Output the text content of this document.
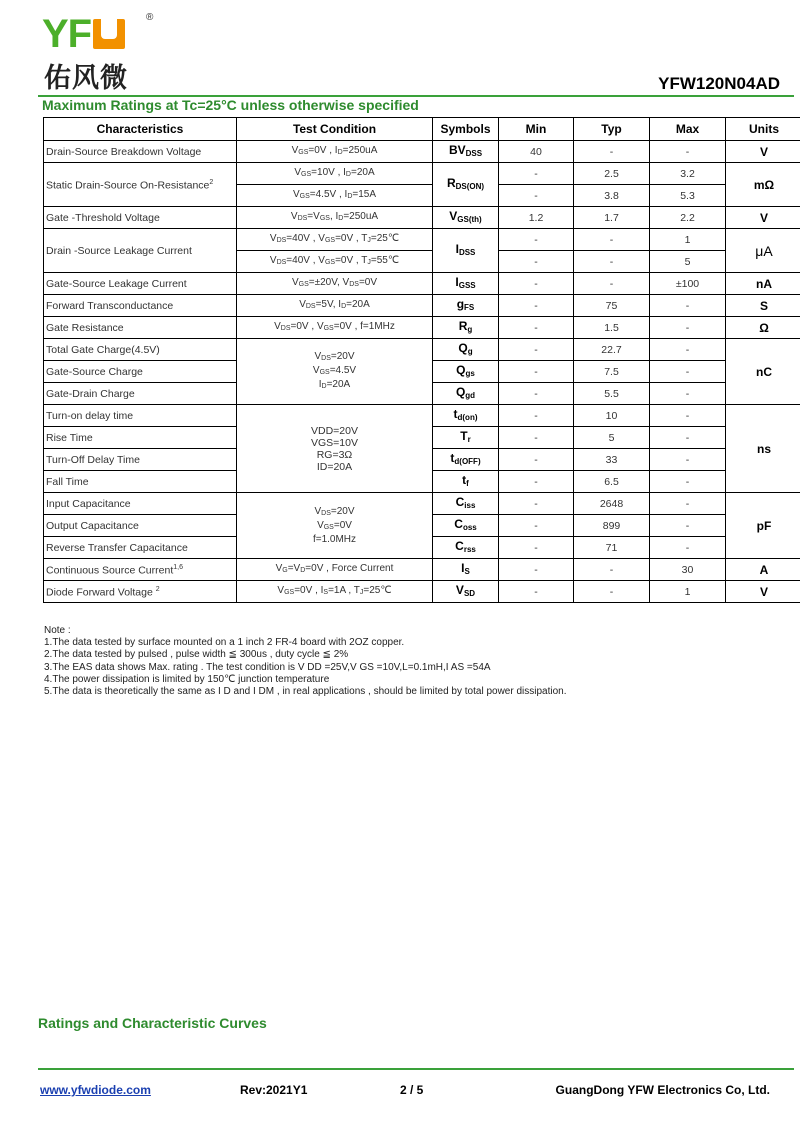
YF	®
佑风微	YFW120N04AD
Maximum Ratings at Tc=25°C unless otherwise specified
Characteristics	Test Condition	Symbols	Min	Typ	Max	Units
Drain-Source Breakdown Voltage	$V_{GS}=0V$ , $I_D=250uA$	$BV_{DSS}$	40	-	-	V
Static Drain-Source On-Resistance$^2$	$V_{GS}=10V$ , $I_D=20A$	$R_{DS(ON)}$	-	2.5	3.2	mΩ
	$V_{GS}=4.5V$ , $I_D=15A$		-	3.8	5.3	
Gate -Threshold Voltage	$V_{DS}=V_{GS}$, $I_D=250uA$	$V_{GS(th)}$	1.2	1.7	2.2	V
Drain -Source Leakage Current	$V_{DS}=40V$ , $V_{GS}=0V$ , $T_J=25℃$	$I_{DSS}$	-	-	1	μA
	$V_{DS}=40V$ , $V_{GS}=0V$ , $T_J=55℃$		-	-	5	
Gate-Source Leakage Current	$V_{GS}=\pm 20V$, $V_{DS}=0V$	$I_{GSS}$	-	-	±100	nA
Forward Transconductance	$V_{DS}=5V$, $I_D=20A$	$g_{FS}$	-	75	-	S
Gate Resistance	$V_{DS}=0V$ , $V_{GS}=0V$ , f=1MHz	$R_g$	-	1.5	-	Ω
Total Gate Charge(4.5V)	$V_{DS}=20V$
$V_{GS}=4.5V$
$I_D=20A$	$Q_g$	-	22.7	-	nC
Gate-Source Charge		$Q_{gs}$	-	7.5	-	
Gate-Drain Charge		$Q_{gd}$	-	5.5	-	
Turn-on delay time	VDD=20V
VGS=10V
RG=3Ω
ID=20A	$t_{d(on)}$	-	10	-	ns
Rise Time		$T_r$	-	5	-	
Turn-Off Delay Time		$t_{d(OFF)}$	-	33	-	
Fall Time		$t_f$	-	6.5	-	
Input Capacitance	$V_{DS}=20V$
$V_{GS}=0V$
f=1.0MHz	$C_{iss}$	-	2648	-	pF
Output Capacitance		$C_{oss}$	-	899	-	
Reverse Transfer Capacitance		$C_{rss}$	-	71	-	
Continuous Source Current$^{1,6}$	$V_G=V_D=0V$ , Force Current	$I_S$	-	-	30	A
Diode Forward Voltage $^2$	$V_{GS}=0V$ , $I_S=1A$ , $T_J=25℃$	$V_{SD}$	-	-	1	V
Note :
1.The data tested by surface mounted on a 1 inch 2 FR-4 board with 2OZ copper.
2.The data tested by pulsed , pulse width ≦ 300us , duty cycle ≦ 2%
3.The EAS data shows Max. rating . The test condition is V DD =25V,V GS =10V,L=0.1mH,I AS =54A
4.The power dissipation is limited by 150℃ junction temperature
5.The data is theoretically the same as I D and I DM , in real applications , should be limited by total power dissipation.
Ratings and Characteristic Curves
www.yfwdiode.com	Rev:2021Y1	2 / 5	GuangDong YFW Electronics Co, Ltd.
